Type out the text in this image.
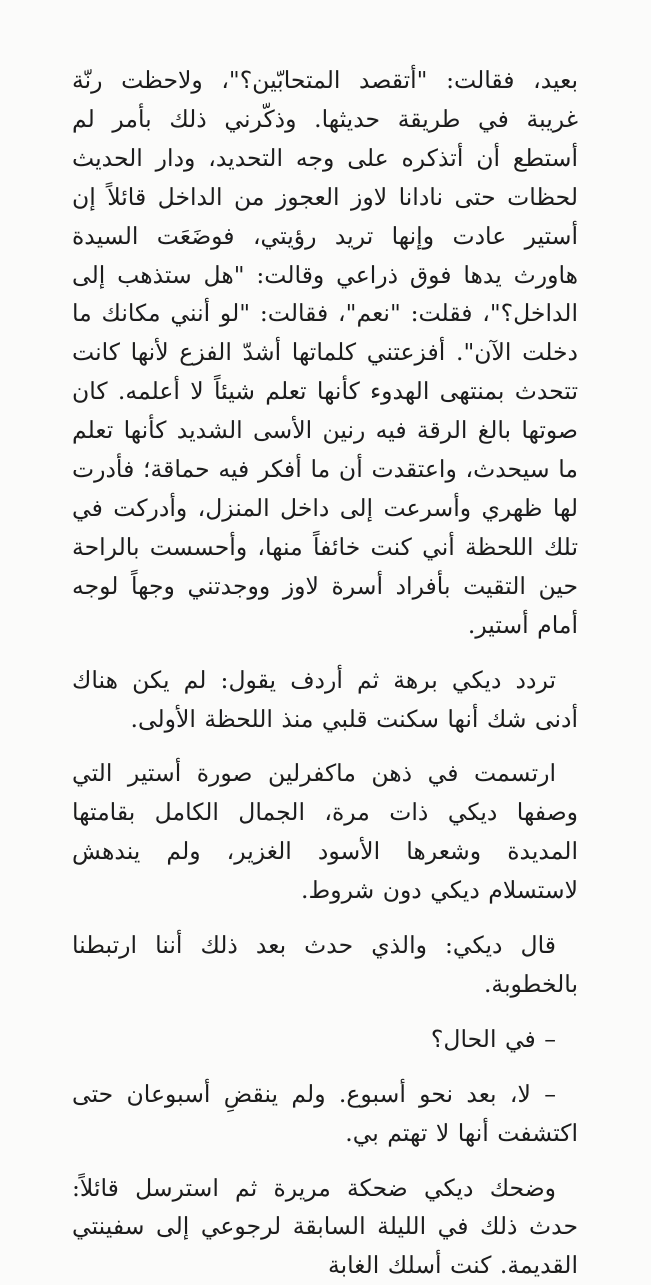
بعيد، فقالت: "أتقصد المتحابّين؟"، ولاحظت رنّة غريبة في طريقة حديثها. وذكّرني ذلك بأمر لم أستطع أن أتذكره على وجه التحديد، ودار الحديث لحظات حتى نادانا لاوز العجوز من الداخل قائلاً إن أستير عادت وإنها تريد رؤيتي، فوضَعَت السيدة هاورث يدها فوق ذراعي وقالت: "هل ستذهب إلى الداخل؟"، فقلت: "نعم"، فقالت: "لو أنني مكانك ما دخلت الآن". أفزعتني كلماتها أشدّ الفزع لأنها كانت تتحدث بمنتهى الهدوء كأنها تعلم شيئاً لا أعلمه. كان صوتها بالغ الرقة فيه رنين الأسى الشديد كأنها تعلم ما سيحدث، واعتقدت أن ما أفكر فيه حماقة؛ فأدرت لها ظهري وأسرعت إلى داخل المنزل، وأدركت في تلك اللحظة أني كنت خائفاً منها، وأحسست بالراحة حين التقيت بأفراد أسرة لاوز ووجدتني وجهاً لوجه أمام أستير.

تردد ديكي برهة ثم أردف يقول: لم يكن هناك أدنى شك أنها سكنت قلبي منذ اللحظة الأولى.

ارتسمت في ذهن ماكفرلين صورة أستير التي وصفها ديكي ذات مرة، الجمال الكامل بقامتها المديدة وشعرها الأسود الغزير، ولم يندهش لاستسلام ديكي دون شروط.

قال ديكي: والذي حدث بعد ذلك أننا ارتبطنا بالخطوبة.

– في الحال؟

– لا، بعد نحو أسبوع. ولم ينقضِ أسبوعان حتى اكتشفت أنها لا تهتم بي.

وضحك ديكي ضحكة مريرة ثم استرسل قائلاً: حدث ذلك في الليلة السابقة لرجوعي إلى سفينتي القديمة. كنت أسلك الغابة
